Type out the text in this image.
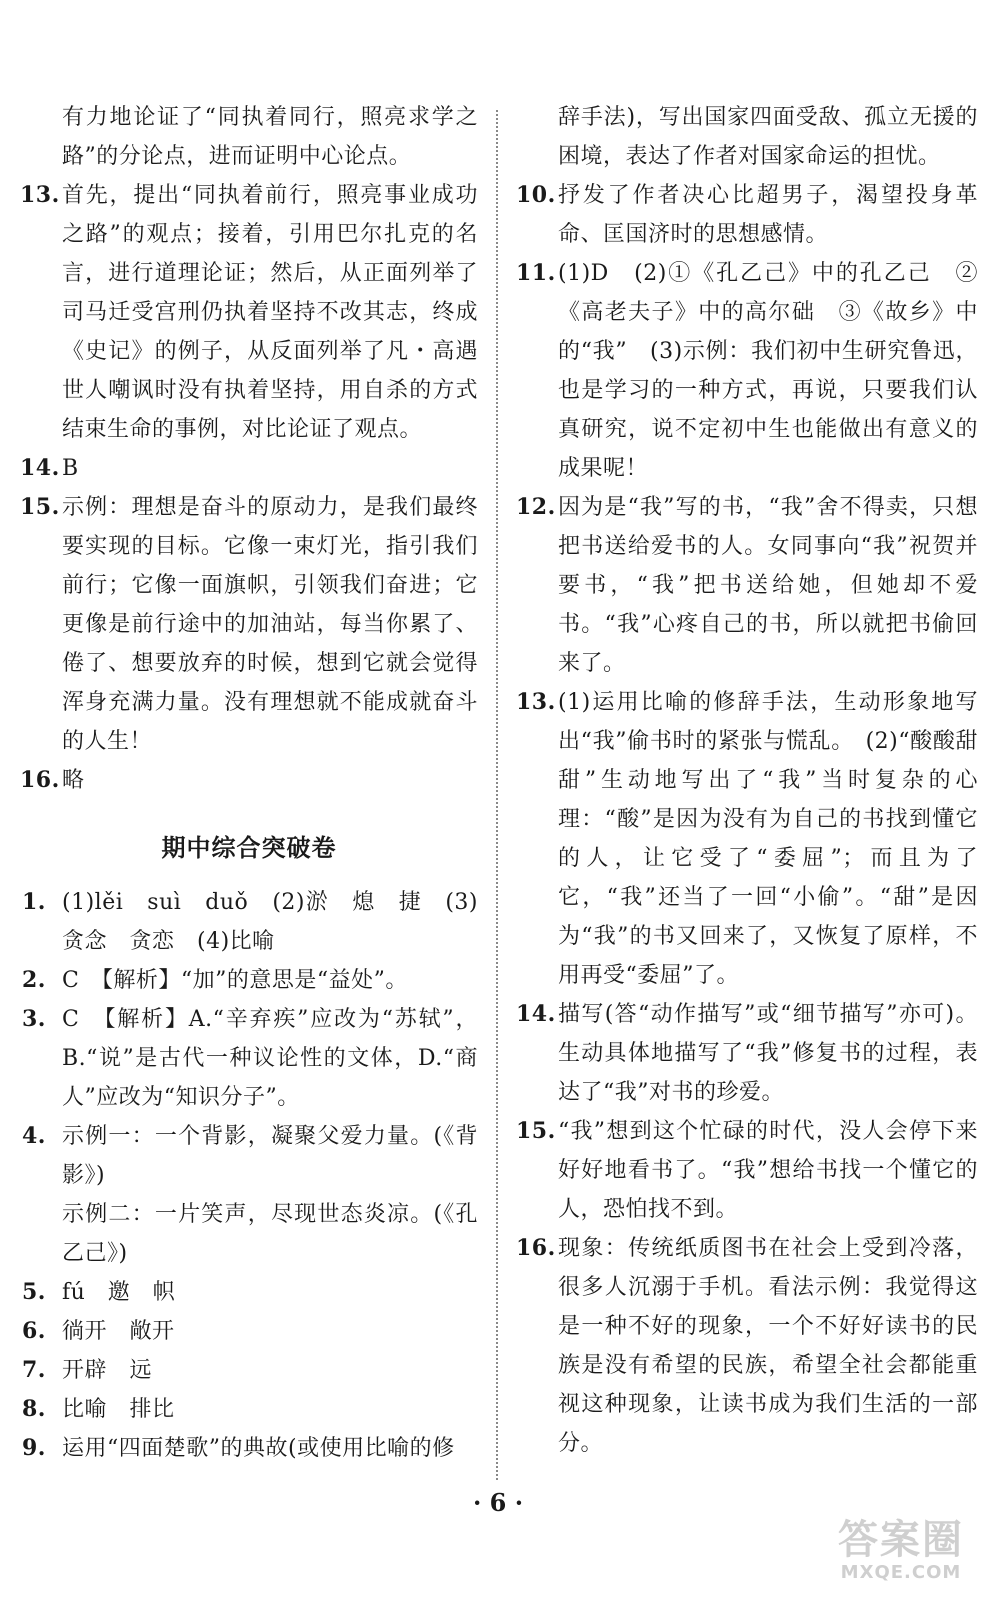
有力地论证了“同执着同行，照亮求学之路”的分论点，进而证明中心论点。
13. 首先，提出“同执着前行，照亮事业成功之路”的观点；接着，引用巴尔扎克的名言，进行道理论证；然后，从正面列举了司马迁受宫刑仍执着坚持不改其志，终成《史记》的例子，从反面列举了凡・高遇世人嘲讽时没有执着坚持，用自杀的方式结束生命的事例，对比论证了观点。
14. B
15. 示例：理想是奋斗的原动力，是我们最终要实现的目标。它像一束灯光，指引我们前行；它像一面旗帜，引领我们奋进；它更像是前行途中的加油站，每当你累了、倦了、想要放弃的时候，想到它就会觉得浑身充满力量。没有理想就不能成就奋斗的人生！
16. 略
期中综合突破卷
1. (1)lěi　suì　duǒ　(2)淤　熄　捷　(3)贪念　贪恋　(4)比喻
2. C　【解析】“加”的意思是“益处”。
3. C　【解析】A.“辛弃疾”应改为“苏轼”，B.“说”是古代一种议论性的文体，D.“商人”应改为“知识分子”。
4. 示例一：一个背影，凝聚父爱力量。(《背影》)
示例二：一片笑声，尽现世态炎凉。(《孔乙己》)
5. fú　邀　帜
6. 徜开　敞开
7. 开辟　远
8. 比喻　排比
9. 运用“四面楚歌”的典故(或使用比喻的修
辞手法)，写出国家四面受敌、孤立无援的困境，表达了作者对国家命运的担忧。
10. 抒发了作者决心比超男子，渴望投身革命、匡国济时的思想感情。
11. (1)D　(2)①《孔乙己》中的孔乙己　②《高老夫子》中的高尔础　③《故乡》中的“我”　(3)示例：我们初中生研究鲁迅，也是学习的一种方式，再说，只要我们认真研究，说不定初中生也能做出有意义的成果呢！
12. 因为是“我”写的书，“我”舍不得卖，只想把书送给爱书的人。女同事向“我”祝贺并要书，“我”把书送给她，但她却不爱书。“我”心疼自己的书，所以就把书偷回来了。
13. (1)运用比喻的修辞手法，生动形象地写出“我”偷书时的紧张与慌乱。　(2)“酸酸甜甜”生动地写出了“我”当时复杂的心理：“酸”是因为没有为自己的书找到懂它的人，让它受了“委屈”；而且为了它，“我”还当了一回“小偷”。“甜”是因为“我”的书又回来了，又恢复了原样，不用再受“委屈”了。
14. 描写(答“动作描写”或“细节描写”亦可)。生动具体地描写了“我”修复书的过程，表达了“我”对书的珍爱。
15. “我”想到这个忙碌的时代，没人会停下来好好地看书了。“我”想给书找一个懂它的人，恐怕找不到。
16. 现象：传统纸质图书在社会上受到冷落，很多人沉溺于手机。看法示例：我觉得这是一种不好的现象，一个不好好读书的民族是没有希望的民族，希望全社会都能重视这种现象，让读书成为我们生活的一部分。
· 6 ·
答案圈
MXQE.COM
